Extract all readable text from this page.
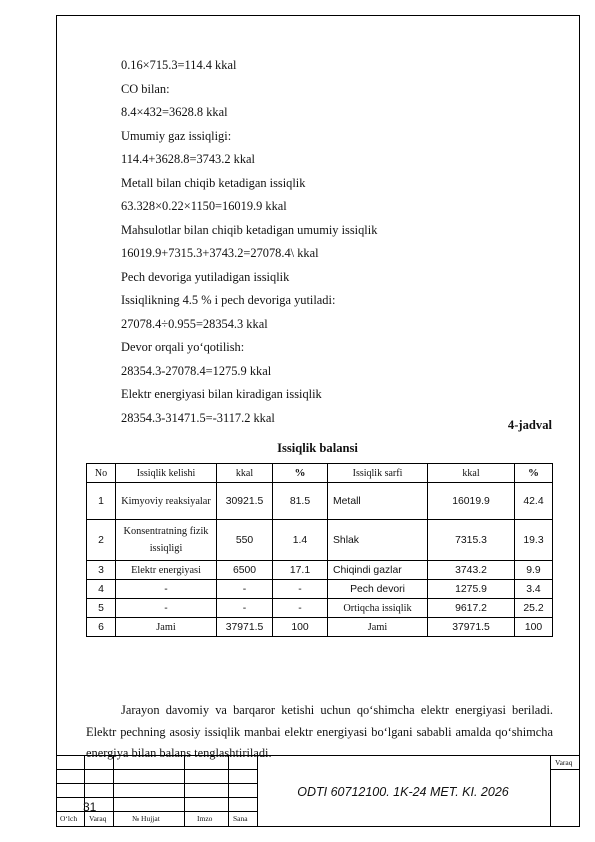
0.16×715.3=114.4 kkal
CO bilan:
8.4×432=3628.8 kkal
Umumiy gaz issiqligi:
114.4+3628.8=3743.2 kkal
Metall bilan chiqib ketadigan issiqlik
63.328×0.22×1150=16019.9 kkal
Mahsulotlar bilan chiqib ketadigan umumiy issiqlik
16019.9+7315.3+3743.2=27078.4\ kkal
Pech devoriga yutiladigan issiqlik
Issiqlikning 4.5 % i pech devoriga yutiladi:
27078.4÷0.955=28354.3 kkal
Devor orqali yo‘qotilish:
28354.3-27078.4=1275.9 kkal
Elektr energiyasi bilan kiradigan issiqlik
28354.3-31471.5=-3117.2 kkal
4-jadval
Issiqlik balansi
No	Issiqlik kelishi	kkal	%	Issiqlik sarfi	kkal	%
1	Kimyoviy reaksiyalar	30921.5	81.5	Metall	16019.9	42.4
2	Konsentratning fizik issiqligi	550	1.4	Shlak	7315.3	19.3
3	Elektr energiyasi	6500	17.1	Chiqindi gazlar	3743.2	9.9
4	-	-	-	Pech devori	1275.9	3.4
5	-	-	-	Ortiqcha issiqlik	9617.2	25.2
6	Jami	37971.5	100	Jami	37971.5	100
Jarayon davomiy va barqaror ketishi uchun qo‘shimcha elektr energiyasi beriladi. Elektr pechning asosiy issiqlik manbai elektr energiyasi bo‘lgani sababli amalda qo‘shimcha energiya bilan balans tenglashtiriladi.
Varaq
31
ODTI 60712100. 1K-24 MET. KI. 2026
O‘lch Varaq	№ Hujjat	Imzo	Sana
